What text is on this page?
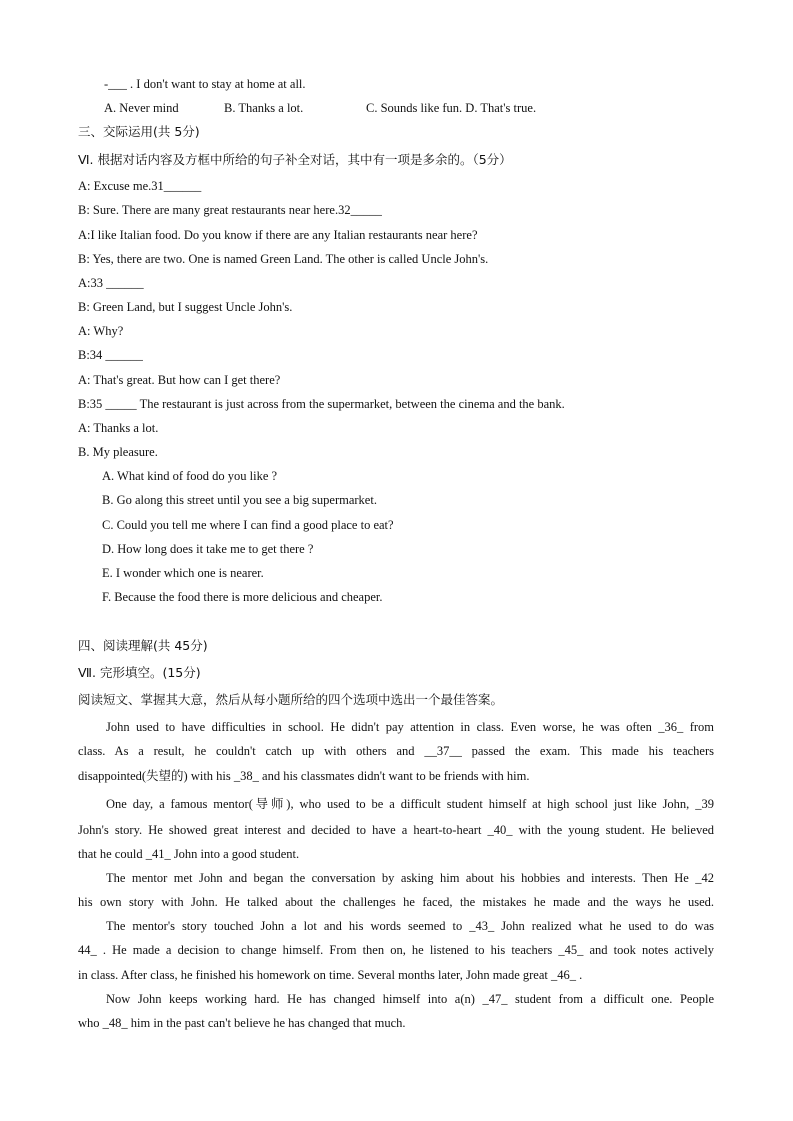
-___ . I don't want to stay at home at all.
A. Never mind	B. Thanks a lot.	C. Sounds like fun. D. That's true.
三、交际运用(共 5分)
Ⅵ. 根据对话内容及方框中所给的句子补全对话，其中有一项是多余的。（5分）
A: Excuse me.31______
B: Sure. There are many great restaurants near here.32_____
A:I like Italian food. Do you know if there are any Italian restaurants near here?
B: Yes, there are two. One is named Green Land. The other is called Uncle John's.
A:33 ______
B: Green Land, but I suggest Uncle John's.
A: Why?
B:34 ______
A: That's great. But how can I get there?
B:35 _____ The restaurant is just across from the supermarket, between the cinema and the bank.
A: Thanks a lot.
B. My pleasure.
A. What kind of food do you like ?
B. Go along this street until you see a big supermarket.
C. Could you tell me where I can find a good place to eat?
D. How long does it take me to get there ?
E. I wonder which one is nearer.
F. Because the food there is more delicious and cheaper.
四、阅读理解(共 45分)
Ⅶ. 完形填空。(15分)
阅读短文、掌握其大意，然后从每小题所给的四个选项中选出一个最佳答案。
John used to have difficulties in school. He didn't pay attention in class. Even worse, he was often _36_ from
class. As a result, he couldn't catch up with others and __37__ passed the exam. This made his teachers
disappointed(失望的) with his _38_ and his classmates didn't want to be friends with him.
One day, a famous mentor(导师), who used to be a difficult student himself at high school just like John, _39
John's story. He showed great interest and decided to have a heart-to-heart _40_ with the young student. He believed
that he could _41_ John into a good student.
The mentor met John and began the conversation by asking him about his hobbies and interests. Then He _42
his own story with John. He talked about the challenges he faced, the mistakes he made and the ways he used.
The mentor's story touched John a lot and his words seemed to _43_ John realized what he used to do was
44_ . He made a decision to change himself. From then on, he listened to his teachers _45_ and took notes actively
in class. After class, he finished his homework on time. Several months later, John made great _46_ .
Now John keeps working hard. He has changed himself into a(n) _47_ student from a difficult one. People
who _48_ him in the past can't believe he has changed that much.
